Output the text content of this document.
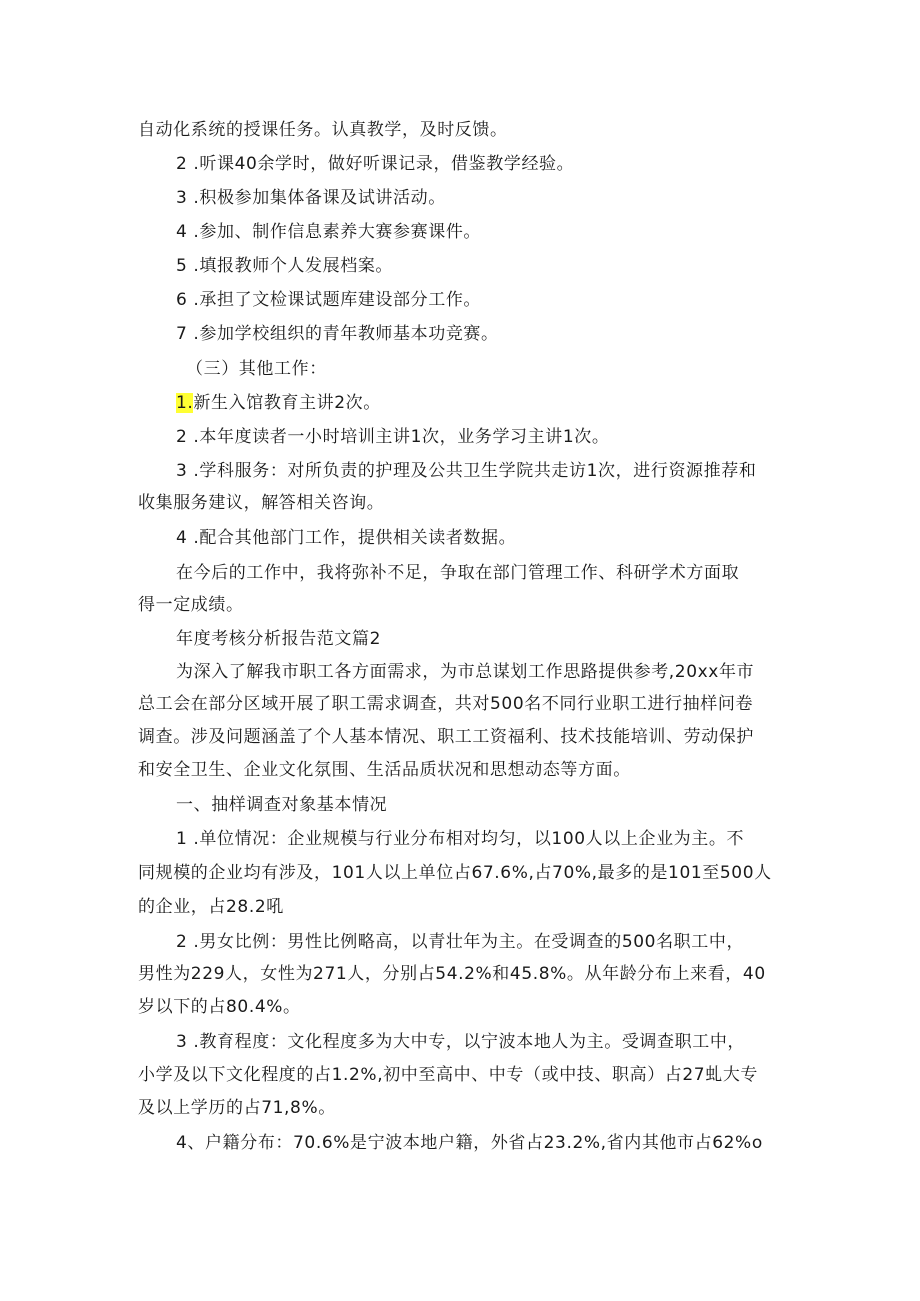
自动化系统的授课任务。认真教学，及时反馈。
2 .听课40余学时，做好听课记录，借鉴教学经验。
3 .积极参加集体备课及试讲活动。
4 .参加、制作信息素养大赛参赛课件。
5 .填报教师个人发展档案。
6 .承担了文检课试题库建设部分工作。
7 .参加学校组织的青年教师基本功竞赛。
（三）其他工作：
1.新生入馆教育主讲2次。
2 .本年度读者一小时培训主讲1次，业务学习主讲1次。
3 .学科服务：对所负责的护理及公共卫生学院共走访1次，进行资源推荐和
收集服务建议，解答相关咨询。
4 .配合其他部门工作，提供相关读者数据。
在今后的工作中，我将弥补不足，争取在部门管理工作、科研学术方面取
得一定成绩。
年度考核分析报告范文篇2
为深入了解我市职工各方面需求，为市总谋划工作思路提供参考,20xx年市
总工会在部分区域开展了职工需求调查，共对500名不同行业职工进行抽样问卷
调查。涉及问题涵盖了个人基本情况、职工工资福利、技术技能培训、劳动保护
和安全卫生、企业文化氛围、生活品质状况和思想动态等方面。
一、抽样调查对象基本情况
1 .单位情况：企业规模与行业分布相对均匀，以100人以上企业为主。不
同规模的企业均有涉及，101人以上单位占67.6%,占70%,最多的是101至500人
的企业，占28.2吼
2 .男女比例：男性比例略高，以青壮年为主。在受调查的500名职工中，
男性为229人，女性为271人，分别占54.2%和45.8%。从年龄分布上来看，40
岁以下的占80.4%。
3 .教育程度：文化程度多为大中专，以宁波本地人为主。受调查职工中，
小学及以下文化程度的占1.2%,初中至高中、中专（或中技、职高）占27虬大专
及以上学历的占71,8%。
4、户籍分布：70.6%是宁波本地户籍，外省占23.2%,省内其他市占62%o
